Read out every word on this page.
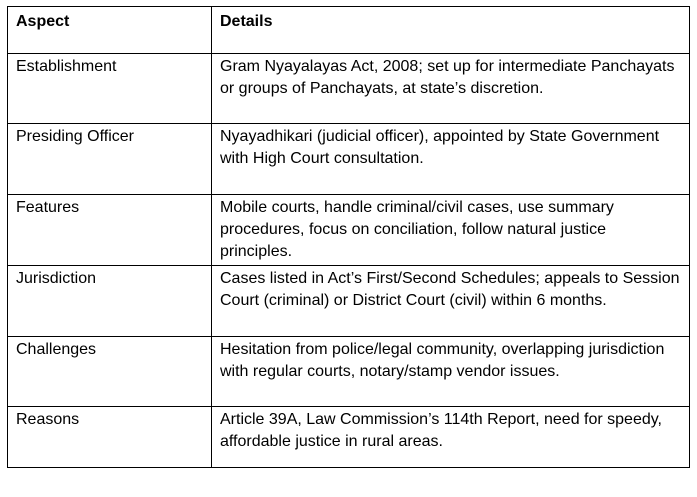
Aspect	Details
Establishment	Gram Nyayalayas Act, 2008; set up for intermediate Panchayats or groups of Panchayats, at state’s discretion.
Presiding Officer	Nyayadhikari (judicial officer), appointed by State Government with High Court consultation.
Features	Mobile courts, handle criminal/civil cases, use summary procedures, focus on conciliation, follow natural justice principles.
Jurisdiction	Cases listed in Act’s First/Second Schedules; appeals to Session Court (criminal) or District Court (civil) within 6 months.
Challenges	Hesitation from police/legal community, overlapping jurisdiction with regular courts, notary/stamp vendor issues.
Reasons	Article 39A, Law Commission’s 114th Report, need for speedy, affordable justice in rural areas.
